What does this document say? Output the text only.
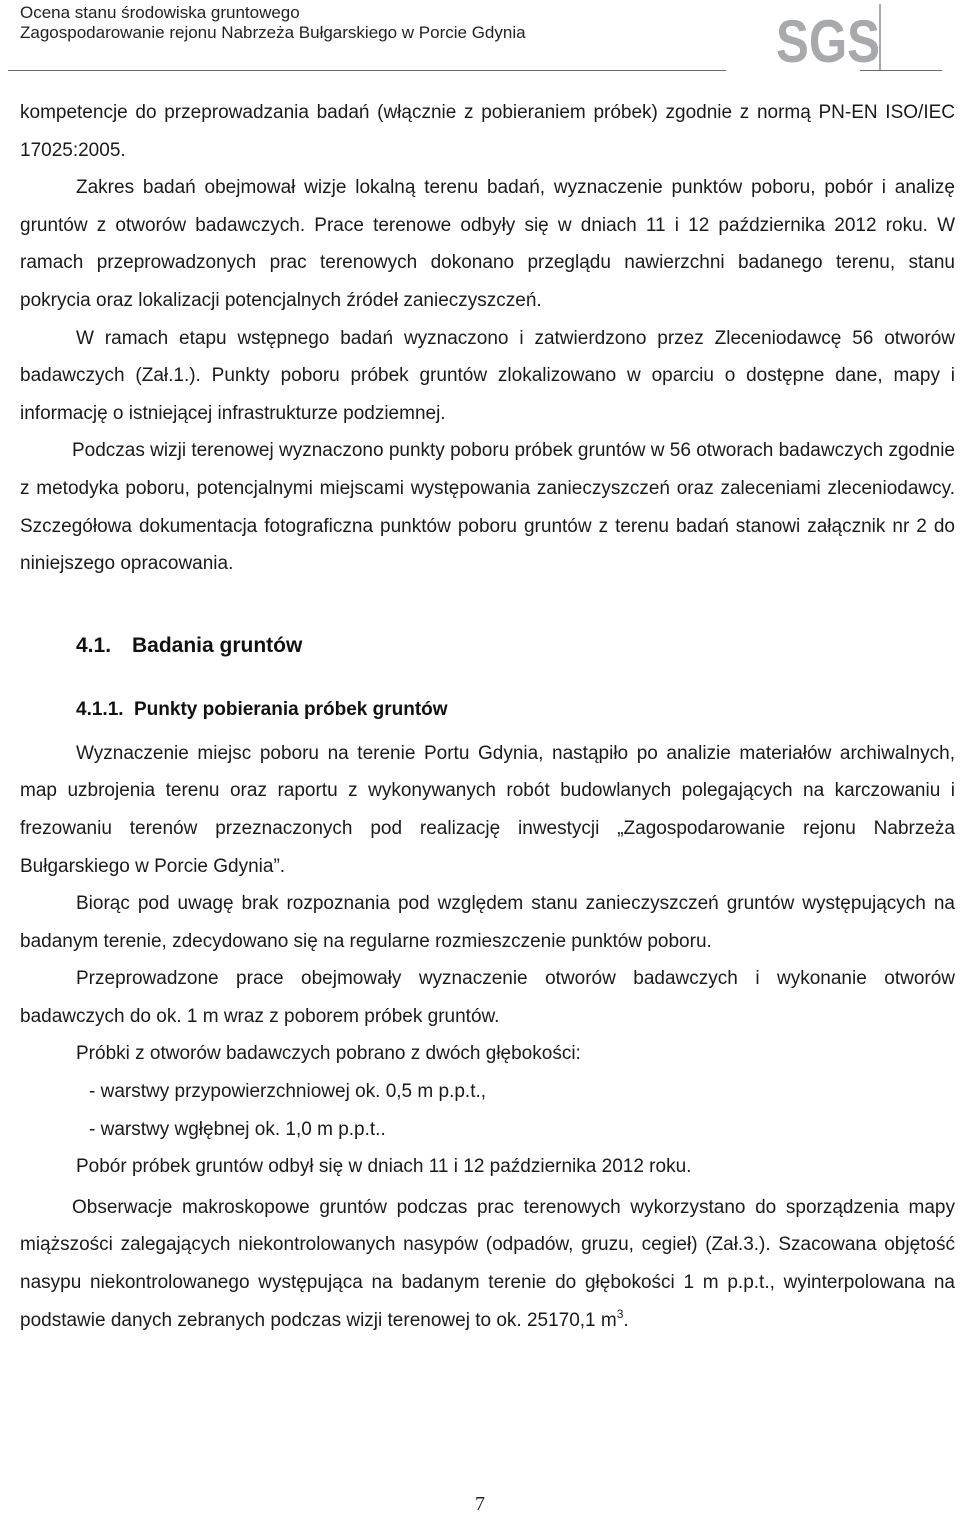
Ocena stanu środowiska gruntowego

Zagospodarowanie rejonu Nabrzeża Bułgarskiego w Porcie Gdynia	SGS

kompetencje do przeprowadzania badań (włącznie z pobieraniem próbek) zgodnie z normą PN-EN ISO/IEC 17025:2005.

Zakres badań obejmował wizje lokalną terenu badań, wyznaczenie punktów poboru, pobór i analizę gruntów z otworów badawczych. Prace terenowe odbyły się w dniach 11 i 12 października 2012 roku. W ramach przeprowadzonych prac terenowych dokonano przeglądu nawierzchni badanego terenu, stanu pokrycia oraz lokalizacji potencjalnych źródeł zanieczyszczeń.

W ramach etapu wstępnego badań wyznaczono i zatwierdzono przez Zleceniodawcę 56 otworów badawczych (Zał.1.). Punkty poboru próbek gruntów zlokalizowano w oparciu o dostępne dane, mapy i informację o istniejącej infrastrukturze podziemnej.

Podczas wizji terenowej wyznaczono punkty poboru próbek gruntów w 56 otworach badawczych zgodnie z metodyka poboru, potencjalnymi miejscami występowania zanieczyszczeń oraz zaleceniami zleceniodawcy. Szczegółowa dokumentacja fotograficzna punktów poboru gruntów z terenu badań stanowi załącznik nr 2 do niniejszego opracowania.

4.1. Badania gruntów
4.1.1. Punkty pobierania próbek gruntów

Wyznaczenie miejsc poboru na terenie Portu Gdynia, nastąpiło po analizie materiałów archiwalnych, map uzbrojenia terenu oraz raportu z wykonywanych robót budowlanych polegających na karczowaniu i frezowaniu terenów przeznaczonych pod realizację inwestycji „Zagospodarowanie rejonu Nabrzeża Bułgarskiego w Porcie Gdynia”.

Biorąc pod uwagę brak rozpoznania pod względem stanu zanieczyszczeń gruntów występujących na badanym terenie, zdecydowano się na regularne rozmieszczenie punktów poboru.

Przeprowadzone prace obejmowały wyznaczenie otworów badawczych i wykonanie otworów badawczych do ok. 1 m wraz z poborem próbek gruntów.

Próbki z otworów badawczych pobrano z dwóch głębokości:

- warstwy przypowierzchniowej ok. 0,5 m p.p.t.,

- warstwy wgłębnej ok. 1,0 m p.p.t..

Pobór próbek gruntów odbył się w dniach 11 i 12 października 2012 roku.

Obserwacje makroskopowe gruntów podczas prac terenowych wykorzystano do sporządzenia mapy miąższości zalegających niekontrolowanych nasypów (odpadów, gruzu, cegieł) (Zał.3.). Szacowana objętość nasypu niekontrolowanego występująca na badanym terenie do głębokości 1 m p.p.t., wyinterpolowana na podstawie danych zebranych podczas wizji terenowej to ok. 25170,1 $m^3$.

7
